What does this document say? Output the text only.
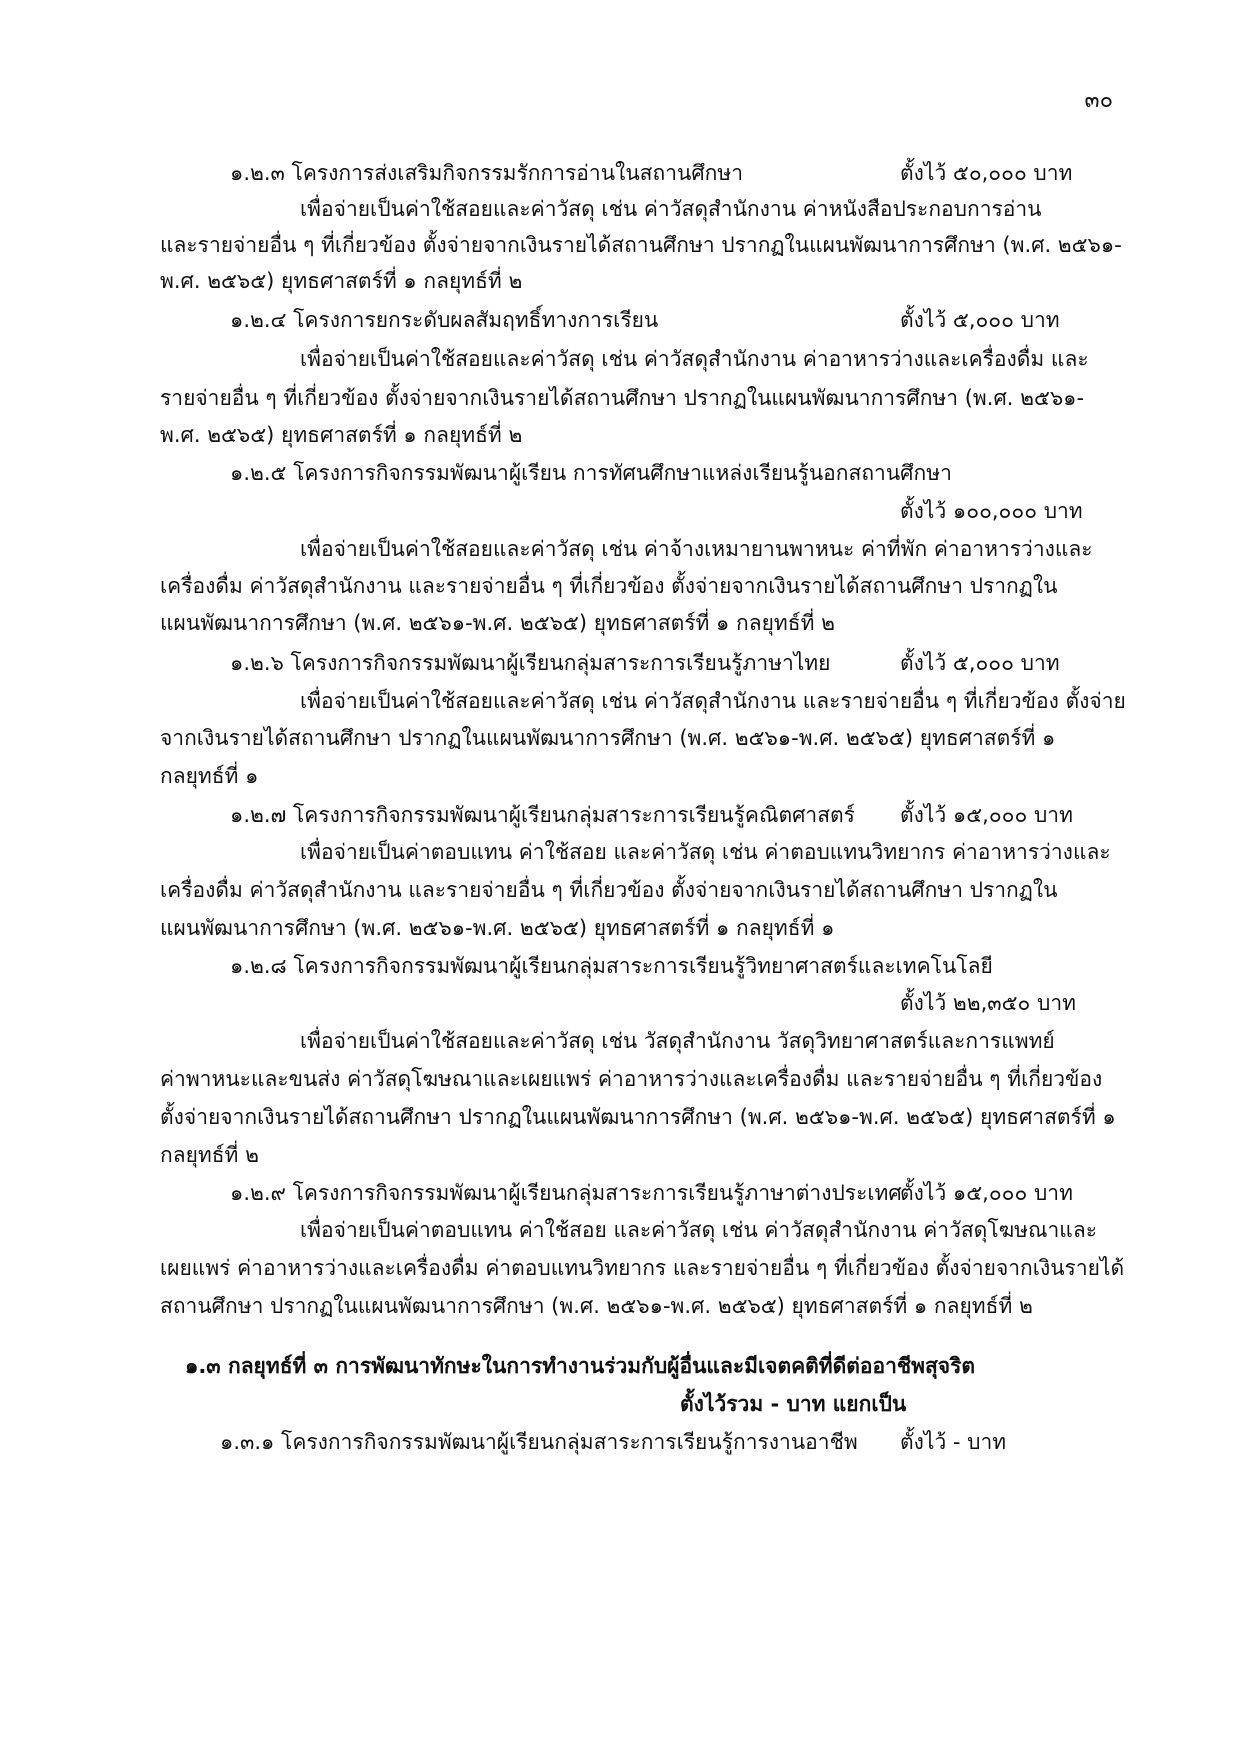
๓๐
๑.๒.๓ โครงการส่งเสริมกิจกรรมรักการอ่านในสถานศึกษา	ตั้งไว้ ๕๐,๐๐๐ บาท
เพื่อจ่ายเป็นค่าใช้สอยและค่าวัสดุ เช่น ค่าวัสดุสำนักงาน ค่าหนังสือประกอบการอ่าน
และรายจ่ายอื่น ๆ ที่เกี่ยวข้อง ตั้งจ่ายจากเงินรายได้สถานศึกษา ปรากฏในแผนพัฒนาการศึกษา (พ.ศ. ๒๕๖๑-
พ.ศ. ๒๕๖๕) ยุทธศาสตร์ที่ ๑ กลยุทธ์ที่ ๒
๑.๒.๔ โครงการยกระดับผลสัมฤทธิ์ทางการเรียน	ตั้งไว้ ๕,๐๐๐ บาท
เพื่อจ่ายเป็นค่าใช้สอยและค่าวัสดุ เช่น ค่าวัสดุสำนักงาน ค่าอาหารว่างและเครื่องดื่ม และ
รายจ่ายอื่น ๆ ที่เกี่ยวข้อง ตั้งจ่ายจากเงินรายได้สถานศึกษา ปรากฏในแผนพัฒนาการศึกษา (พ.ศ. ๒๕๖๑-
พ.ศ. ๒๕๖๕) ยุทธศาสตร์ที่ ๑ กลยุทธ์ที่ ๒
๑.๒.๕ โครงการกิจกรรมพัฒนาผู้เรียน การทัศนศึกษาแหล่งเรียนรู้นอกสถานศึกษา
ตั้งไว้ ๑๐๐,๐๐๐ บาท
เพื่อจ่ายเป็นค่าใช้สอยและค่าวัสดุ เช่น ค่าจ้างเหมายานพาหนะ ค่าที่พัก ค่าอาหารว่างและ
เครื่องดื่ม ค่าวัสดุสำนักงาน และรายจ่ายอื่น ๆ ที่เกี่ยวข้อง ตั้งจ่ายจากเงินรายได้สถานศึกษา ปรากฏใน
แผนพัฒนาการศึกษา (พ.ศ. ๒๕๖๑-พ.ศ. ๒๕๖๕) ยุทธศาสตร์ที่ ๑ กลยุทธ์ที่ ๒
๑.๒.๖ โครงการกิจกรรมพัฒนาผู้เรียนกลุ่มสาระการเรียนรู้ภาษาไทย	ตั้งไว้ ๕,๐๐๐ บาท
เพื่อจ่ายเป็นค่าใช้สอยและค่าวัสดุ เช่น ค่าวัสดุสำนักงาน และรายจ่ายอื่น ๆ ที่เกี่ยวข้อง ตั้งจ่าย
จากเงินรายได้สถานศึกษา ปรากฏในแผนพัฒนาการศึกษา (พ.ศ. ๒๕๖๑-พ.ศ. ๒๕๖๕) ยุทธศาสตร์ที่ ๑
กลยุทธ์ที่ ๑
๑.๒.๗ โครงการกิจกรรมพัฒนาผู้เรียนกลุ่มสาระการเรียนรู้คณิตศาสตร์	ตั้งไว้ ๑๕,๐๐๐ บาท
เพื่อจ่ายเป็นค่าตอบแทน ค่าใช้สอย และค่าวัสดุ เช่น ค่าตอบแทนวิทยากร ค่าอาหารว่างและ
เครื่องดื่ม ค่าวัสดุสำนักงาน และรายจ่ายอื่น ๆ ที่เกี่ยวข้อง ตั้งจ่ายจากเงินรายได้สถานศึกษา ปรากฏใน
แผนพัฒนาการศึกษา (พ.ศ. ๒๕๖๑-พ.ศ. ๒๕๖๕) ยุทธศาสตร์ที่ ๑ กลยุทธ์ที่ ๑
๑.๒.๘ โครงการกิจกรรมพัฒนาผู้เรียนกลุ่มสาระการเรียนรู้วิทยาศาสตร์และเทคโนโลยี
ตั้งไว้ ๒๒,๓๕๐ บาท
เพื่อจ่ายเป็นค่าใช้สอยและค่าวัสดุ เช่น วัสดุสำนักงาน วัสดุวิทยาศาสตร์และการแพทย์
ค่าพาหนะและขนส่ง ค่าวัสดุโฆษณาและเผยแพร่ ค่าอาหารว่างและเครื่องดื่ม และรายจ่ายอื่น ๆ ที่เกี่ยวข้อง
ตั้งจ่ายจากเงินรายได้สถานศึกษา ปรากฏในแผนพัฒนาการศึกษา (พ.ศ. ๒๕๖๑-พ.ศ. ๒๕๖๕) ยุทธศาสตร์ที่ ๑
กลยุทธ์ที่ ๒
๑.๒.๙ โครงการกิจกรรมพัฒนาผู้เรียนกลุ่มสาระการเรียนรู้ภาษาต่างประเทศ
ตั้งไว้ ๑๕,๐๐๐ บาท
เพื่อจ่ายเป็นค่าตอบแทน ค่าใช้สอย และค่าวัสดุ เช่น ค่าวัสดุสำนักงาน ค่าวัสดุโฆษณาและ
เผยแพร่ ค่าอาหารว่างและเครื่องดื่ม ค่าตอบแทนวิทยากร และรายจ่ายอื่น ๆ ที่เกี่ยวข้อง ตั้งจ่ายจากเงินรายได้
สถานศึกษา ปรากฏในแผนพัฒนาการศึกษา (พ.ศ. ๒๕๖๑-พ.ศ. ๒๕๖๕) ยุทธศาสตร์ที่ ๑ กลยุทธ์ที่ ๒
๑.๓ กลยุทธ์ที่ ๓ การพัฒนาทักษะในการทำงานร่วมกับผู้อื่นและมีเจตคติที่ดีต่ออาชีพสุจริต
ตั้งไว้รวม - บาท แยกเป็น
๑.๓.๑ โครงการกิจกรรมพัฒนาผู้เรียนกลุ่มสาระการเรียนรู้การงานอาชีพ	ตั้งไว้ - บาท
